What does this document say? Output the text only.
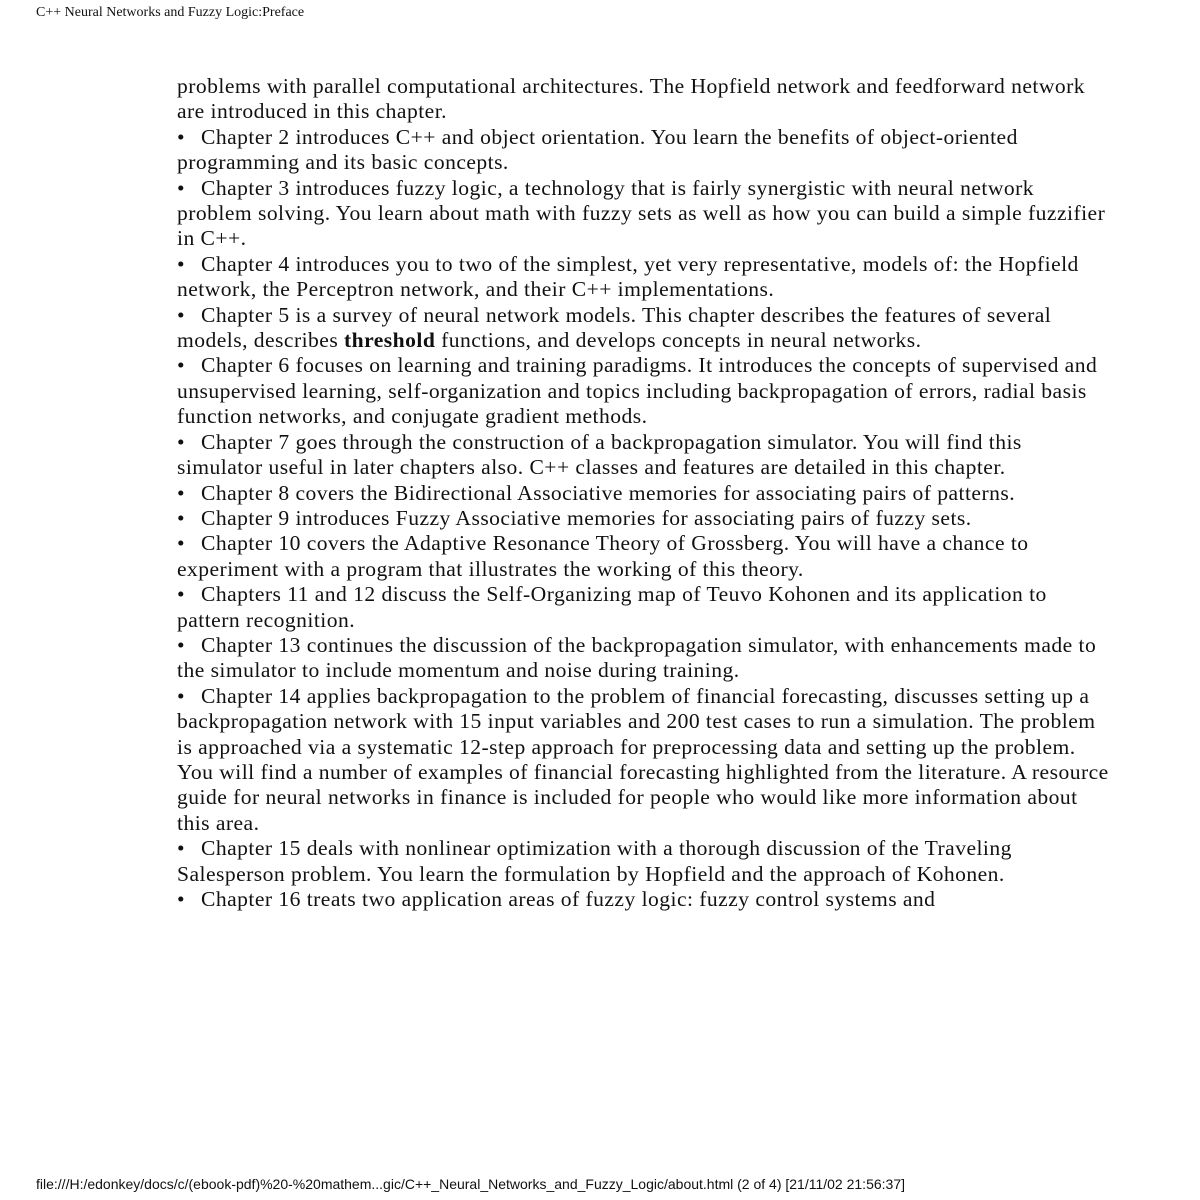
C++ Neural Networks and Fuzzy Logic:Preface

problems with parallel computational architectures. The Hopfield network and feedforward network are introduced in this chapter.

• Chapter 2 introduces C++ and object orientation. You learn the benefits of object-oriented programming and its basic concepts.

• Chapter 3 introduces fuzzy logic, a technology that is fairly synergistic with neural network problem solving. You learn about math with fuzzy sets as well as how you can build a simple fuzzifier in C++.

• Chapter 4 introduces you to two of the simplest, yet very representative, models of: the Hopfield network, the Perceptron network, and their C++ implementations.

• Chapter 5 is a survey of neural network models. This chapter describes the features of several models, describes threshold functions, and develops concepts in neural networks.

• Chapter 6 focuses on learning and training paradigms. It introduces the concepts of supervised and unsupervised learning, self-organization and topics including backpropagation of errors, radial basis function networks, and conjugate gradient methods.

• Chapter 7 goes through the construction of a backpropagation simulator. You will find this simulator useful in later chapters also. C++ classes and features are detailed in this chapter.

• Chapter 8 covers the Bidirectional Associative memories for associating pairs of patterns.

• Chapter 9 introduces Fuzzy Associative memories for associating pairs of fuzzy sets.

• Chapter 10 covers the Adaptive Resonance Theory of Grossberg. You will have a chance to experiment with a program that illustrates the working of this theory.

• Chapters 11 and 12 discuss the Self-Organizing map of Teuvo Kohonen and its application to pattern recognition.

• Chapter 13 continues the discussion of the backpropagation simulator, with enhancements made to the simulator to include momentum and noise during training.

• Chapter 14 applies backpropagation to the problem of financial forecasting, discusses setting up a backpropagation network with 15 input variables and 200 test cases to run a simulation. The problem is approached via a systematic 12-step approach for preprocessing data and setting up the problem. You will find a number of examples of financial forecasting highlighted from the literature. A resource guide for neural networks in finance is included for people who would like more information about this area.

• Chapter 15 deals with nonlinear optimization with a thorough discussion of the Traveling Salesperson problem. You learn the formulation by Hopfield and the approach of Kohonen.

• Chapter 16 treats two application areas of fuzzy logic: fuzzy control systems and

file:///H:/edonkey/docs/c/(ebook-pdf)%20-%20mathem...gic/C++_Neural_Networks_and_Fuzzy_Logic/about.html (2 of 4) [21/11/02 21:56:37]
